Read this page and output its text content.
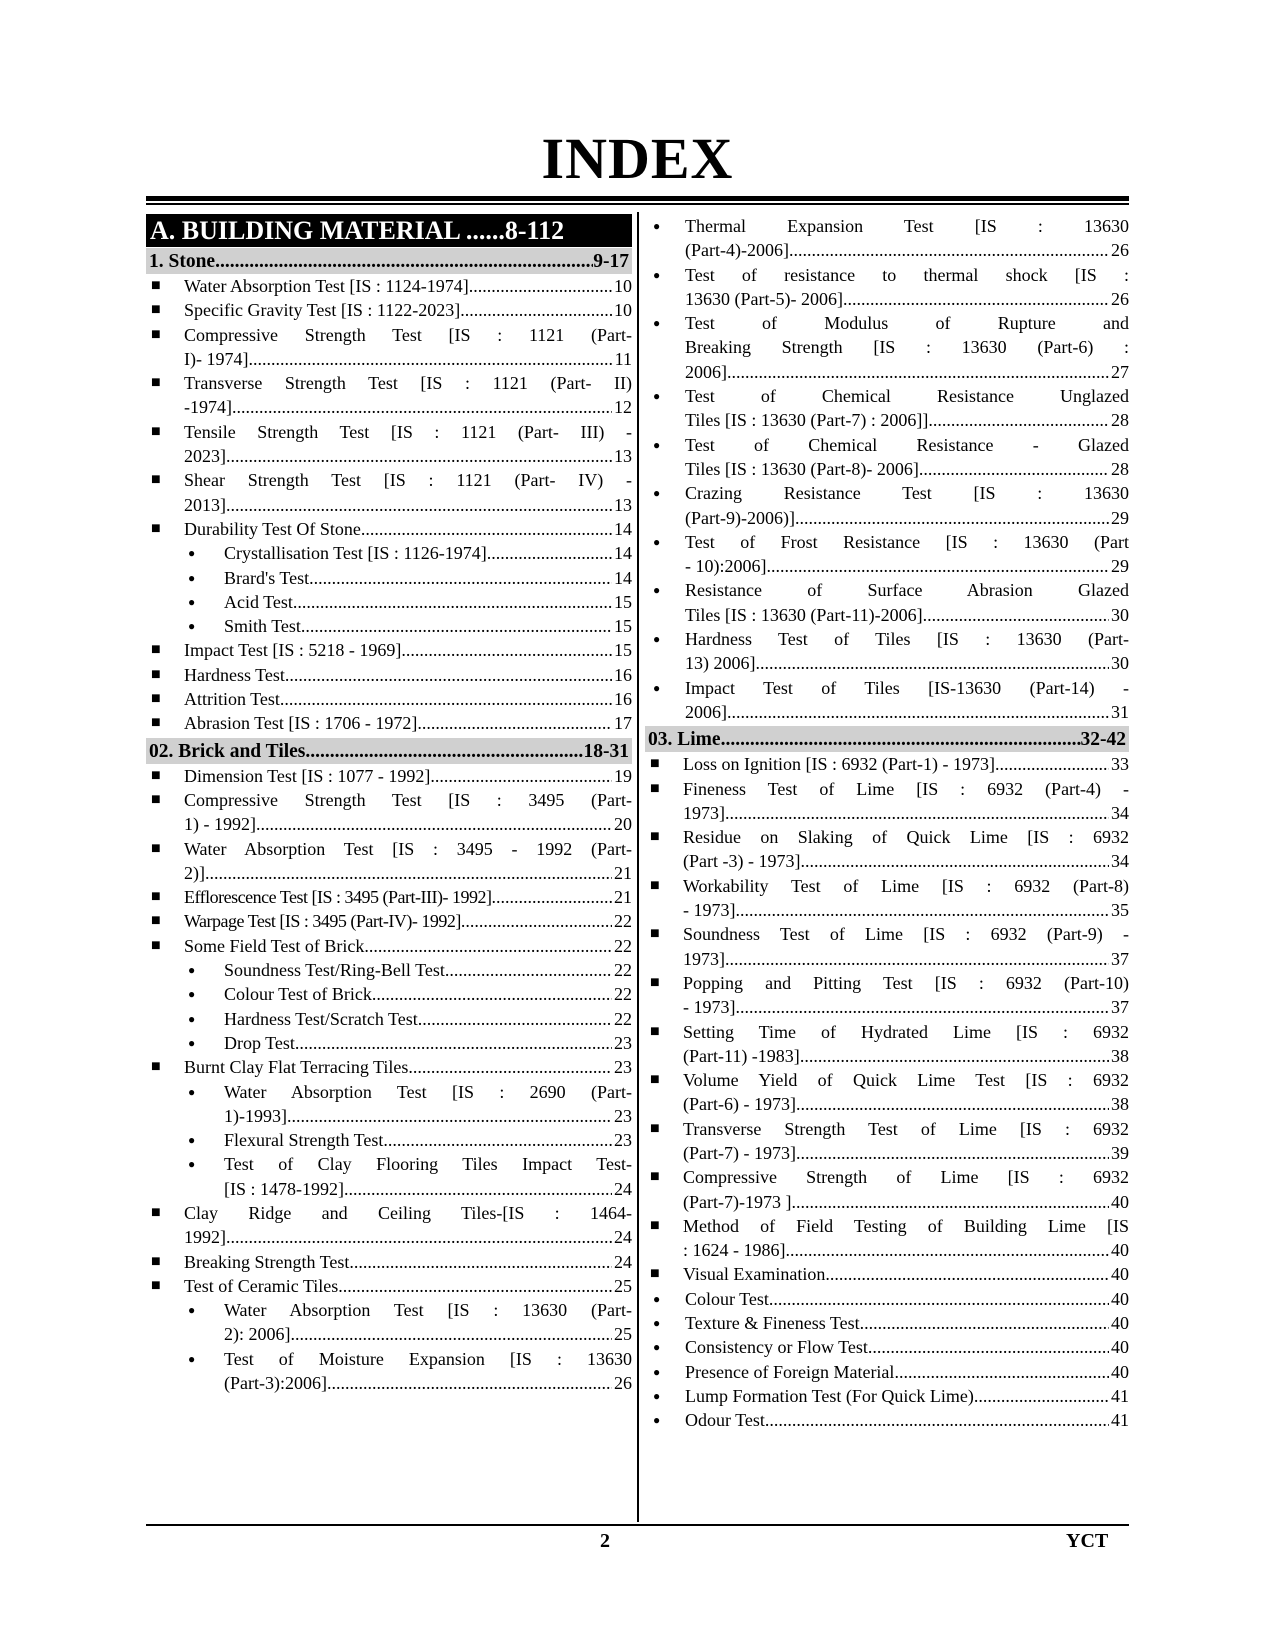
INDEX
A. BUILDING MATERIAL ......8-112
1. Stone .....	9-17
■ Water Absorption Test [IS : 1124-1974] .....	10
■ Specific Gravity Test [IS : 1122-2023] .....	10
■ Compressive Strength Test [IS : 1121 (Part-
I)- 1974] .....	11
■ Transverse Strength Test [IS : 1121 (Part- II)
-1974] .....	12
■ Tensile Strength Test [IS : 1121 (Part- III) -
2023] .....	13
■ Shear Strength Test [IS : 1121 (Part- IV) -
2013] .....	13
■ Durability Test Of Stone .....	14
● Crystallisation Test [IS : 1126-1974] .....	14
● Brard's Test .....	14
● Acid Test .....	15
● Smith Test .....	15
■ Impact Test [IS : 5218 - 1969] .....	15
■ Hardness Test .....	16
■ Attrition Test .....	16
■ Abrasion Test [IS : 1706 - 1972] .....	17
02. Brick and Tiles .....	18-31
■ Dimension Test [IS : 1077 - 1992] .....	19
■ Compressive Strength Test [IS : 3495 (Part-
1) - 1992] .....	20
■ Water Absorption Test [IS : 3495 - 1992 (Part-
2)] .....	21
■ Efflorescence Test [IS : 3495 (Part-III)- 1992] .....	21
■ Warpage Test [IS : 3495 (Part-IV)- 1992] .....	22
■ Some Field Test of Brick .....	22
● Soundness Test/Ring-Bell Test .....	22
● Colour Test of Brick .....	22
● Hardness Test/Scratch Test .....	22
● Drop Test .....	23
■ Burnt Clay Flat Terracing Tiles .....	23
● Water Absorption Test [IS : 2690 (Part-
1)-1993] .....	23
● Flexural Strength Test .....	23
● Test of Clay Flooring Tiles Impact Test-
[IS : 1478-1992] .....	24
■ Clay Ridge and Ceiling Tiles-[IS : 1464-
1992] .....	24
■ Breaking Strength Test .....	24
■ Test of Ceramic Tiles .....	25
● Water Absorption Test [IS : 13630 (Part-
2): 2006] .....	25
● Test of Moisture Expansion [IS : 13630
(Part-3):2006] .....	26
● Thermal Expansion Test [IS : 13630
(Part-4)-2006] .....	26
● Test of resistance to thermal shock [IS :
13630 (Part-5)- 2006] .....	26
● Test of Modulus of Rupture and
Breaking Strength [IS : 13630 (Part-6) :
2006] .....	27
● Test of Chemical Resistance Unglazed
Tiles [IS : 13630 (Part-7) : 2006]] .....	28
● Test of Chemical Resistance - Glazed
Tiles [IS : 13630 (Part-8)- 2006] .....	28
● Crazing Resistance Test [IS : 13630
(Part-9)-2006)] .....	29
● Test of Frost Resistance [IS : 13630 (Part
- 10):2006] .....	29
● Resistance of Surface Abrasion Glazed
Tiles [IS : 13630 (Part-11)-2006] .....	30
● Hardness Test of Tiles [IS : 13630 (Part-
13) 2006] .....	30
● Impact Test of Tiles [IS-13630 (Part-14) -
2006] .....	31
03. Lime .....	32-42
■ Loss on Ignition [IS : 6932 (Part-1) - 1973] .....	33
■ Fineness Test of Lime [IS : 6932 (Part-4) -
1973] .....	34
■ Residue on Slaking of Quick Lime [IS : 6932
(Part -3) - 1973] .....	34
■ Workability Test of Lime [IS : 6932 (Part-8)
- 1973] .....	35
■ Soundness Test of Lime [IS : 6932 (Part-9) -
1973] .....	37
■ Popping and Pitting Test [IS : 6932 (Part-10)
- 1973] .....	37
■ Setting Time of Hydrated Lime [IS : 6932
(Part-11) -1983] .....	38
■ Volume Yield of Quick Lime Test [IS : 6932
(Part-6) - 1973] .....	38
■ Transverse Strength Test of Lime [IS : 6932
(Part-7) - 1973] .....	39
■ Compressive Strength of Lime [IS : 6932
(Part-7)-1973 ] .....	40
■ Method of Field Testing of Building Lime [IS
: 1624 - 1986] .....	40
■ Visual Examination .....	40
● Colour Test .....	40
● Texture & Fineness Test .....	40
● Consistency or Flow Test .....	40
● Presence of Foreign Material .....	40
● Lump Formation Test (For Quick Lime) .....	41
● Odour Test .....	41
2	YCT
